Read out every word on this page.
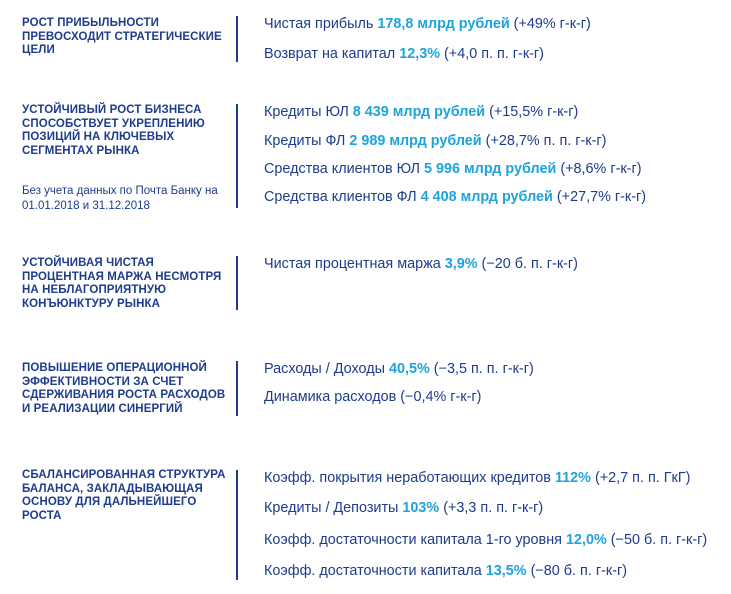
РОСТ ПРИБЫЛЬНОСТИ ПРЕВОСХОДИТ СТРАТЕГИЧЕСКИЕ ЦЕЛИ
Чистая прибыль 178,8 млрд рублей (+49% г-к-г)
Возврат на капитал 12,3% (+4,0 п. п. г-к-г)
УСТОЙЧИВЫЙ РОСТ БИЗНЕСА СПОСОБСТВУЕТ УКРЕПЛЕНИЮ ПОЗИЦИЙ НА КЛЮЧЕВЫХ СЕГМЕНТАХ РЫНКА
Без учета данных по Почта Банку на 01.01.2018 и 31.12.2018
Кредиты ЮЛ 8 439 млрд рублей (+15,5% г-к-г)
Кредиты ФЛ 2 989 млрд рублей (+28,7% п. п. г-к-г)
Средства клиентов ЮЛ 5 996 млрд рублей (+8,6% г-к-г)
Средства клиентов ФЛ 4 408 млрд рублей (+27,7% г-к-г)
УСТОЙЧИВАЯ ЧИСТАЯ ПРОЦЕНТНАЯ МАРЖА НЕСМОТРЯ НА НЕБЛАГОПРИЯТНУЮ КОНЪЮНКТУРУ РЫНКА
Чистая процентная маржа 3,9% (−20 б. п. г-к-г)
ПОВЫШЕНИЕ ОПЕРАЦИОННОЙ ЭФФЕКТИВНОСТИ ЗА СЧЕТ СДЕРЖИВАНИЯ РОСТА РАСХОДОВ И РЕАЛИЗАЦИИ СИНЕРГИЙ
Расходы / Доходы 40,5% (−3,5 п. п. г-к-г)
Динамика расходов (−0,4% г-к-г)
СБАЛАНСИРОВАННАЯ СТРУКТУРА БАЛАНСА, ЗАКЛАДЫВАЮЩАЯ ОСНОВУ ДЛЯ ДАЛЬНЕЙШЕГО РОСТА
Коэфф. покрытия неработающих кредитов 112% (+2,7 п. п. ГкГ)
Кредиты / Депозиты 103% (+3,3 п. п. г-к-г)
Коэфф. достаточности капитала 1-го уровня 12,0% (−50 б. п. г-к-г)
Коэфф. достаточности капитала 13,5% (−80 б. п. г-к-г)
